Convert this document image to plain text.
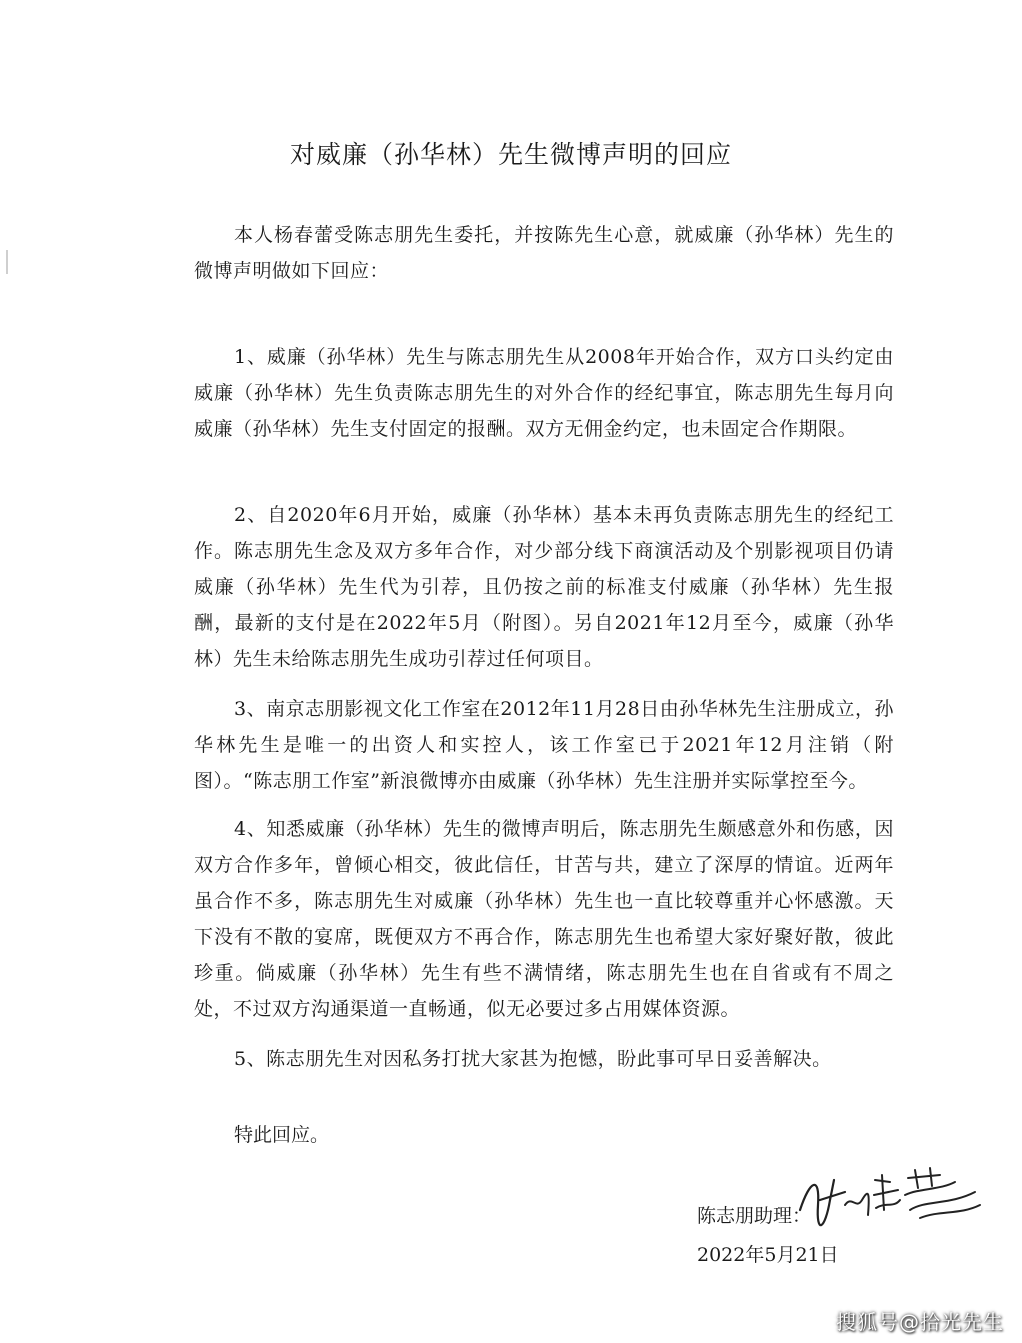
对威廉（孙华林）先生微博声明的回应

本人杨春蕾受陈志朋先生委托，并按陈先生心意，就威廉（孙华林）先生的微博声明做如下回应：

1、威廉（孙华林）先生与陈志朋先生从2008年开始合作，双方口头约定由威廉（孙华林）先生负责陈志朋先生的对外合作的经纪事宜，陈志朋先生每月向威廉（孙华林）先生支付固定的报酬。双方无佣金约定，也未固定合作期限。

2、自2020年6月开始，威廉（孙华林）基本未再负责陈志朋先生的经纪工作。陈志朋先生念及双方多年合作，对少部分线下商演活动及个别影视项目仍请威廉（孙华林）先生代为引荐，且仍按之前的标准支付威廉（孙华林）先生报酬，最新的支付是在2022年5月（附图）。另自2021年12月至今，威廉（孙华林）先生未给陈志朋先生成功引荐过任何项目。

3、南京志朋影视文化工作室在2012年11月28日由孙华林先生注册成立，孙华林先生是唯一的出资人和实控人，该工作室已于2021年12月注销（附图）。“陈志朋工作室”新浪微博亦由威廉（孙华林）先生注册并实际掌控至今。

4、知悉威廉（孙华林）先生的微博声明后，陈志朋先生颇感意外和伤感，因双方合作多年，曾倾心相交，彼此信任，甘苦与共，建立了深厚的情谊。近两年虽合作不多，陈志朋先生对威廉（孙华林）先生也一直比较尊重并心怀感激。天下没有不散的宴席，既便双方不再合作，陈志朋先生也希望大家好聚好散，彼此珍重。倘威廉（孙华林）先生有些不满情绪，陈志朋先生也在自省或有不周之处，不过双方沟通渠道一直畅通，似无必要过多占用媒体资源。

5、陈志朋先生对因私务打扰大家甚为抱憾，盼此事可早日妥善解决。

特此回应。

陈志朋助理：

2022年5月21日

搜狐号@拾光先生
